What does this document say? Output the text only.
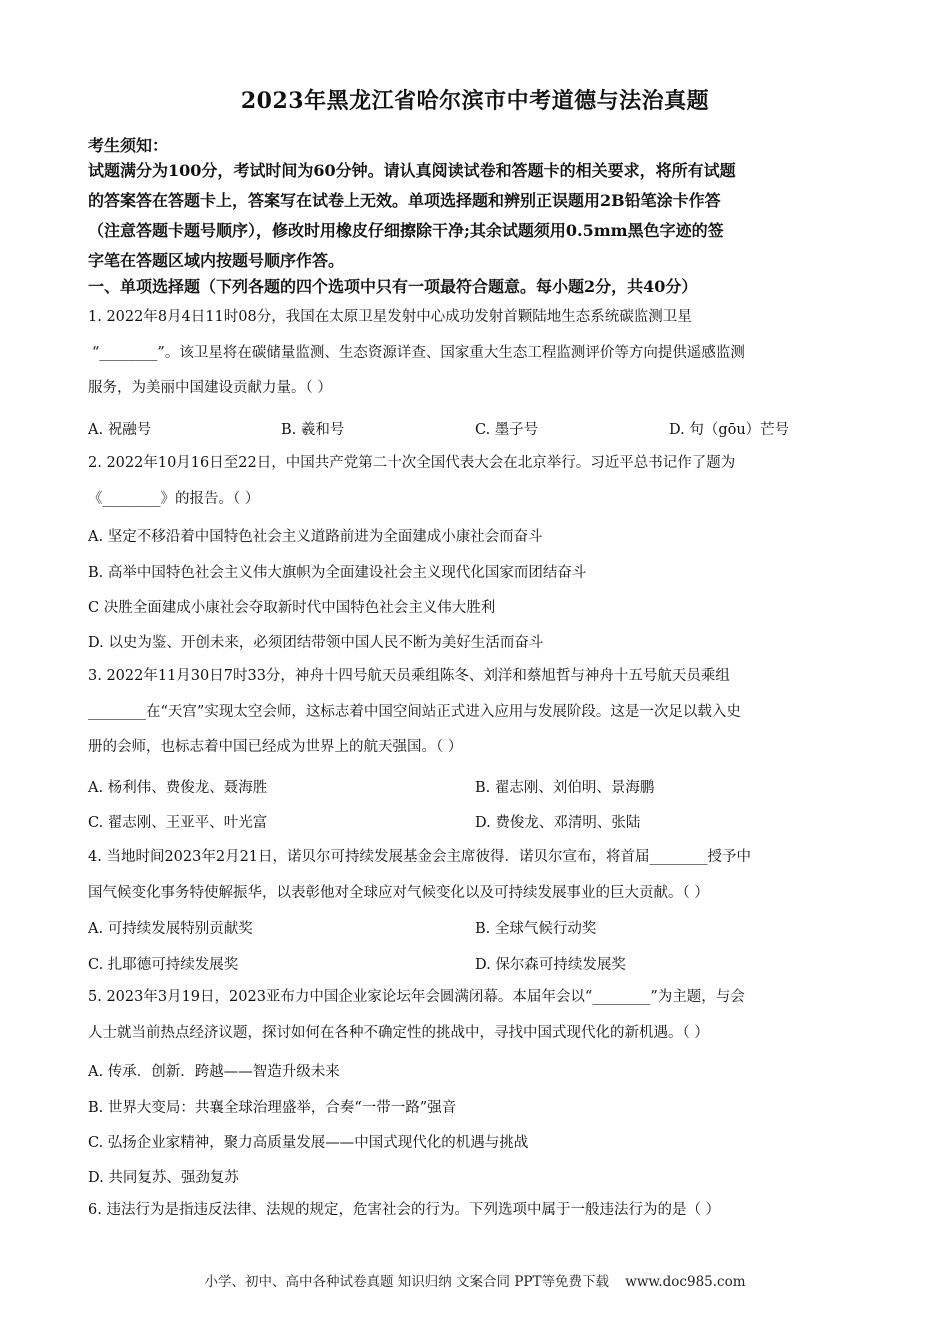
2023年黑龙江省哈尔滨市中考道德与法治真题
考生须知：
试题满分为100分，考试时间为60分钟。请认真阅读试卷和答题卡的相关要求，将所有试题
的答案答在答题卡上，答案写在试卷上无效。单项选择题和辨别正误题用2B铅笔涂卡作答
（注意答题卡题号顺序），修改时用橡皮仔细擦除干净;其余试题须用0.5mm黑色字迹的签
字笔在答题区域内按题号顺序作答。
一、单项选择题（下列各题的四个选项中只有一项最符合题意。每小题2分，共40分）
1. 2022年8月4日11时08分，我国在太原卫星发射中心成功发射首颗陆地生态系统碳监测卫星
“________”。该卫星将在碳储量监测、生态资源详查、国家重大生态工程监测评价等方向提供遥感监测
服务，为美丽中国建设贡献力量。（ ）
A. 祝融号	B. 羲和号	C. 墨子号	D. 句（gōu）芒号
2. 2022年10月16日至22日，中国共产党第二十次全国代表大会在北京举行。习近平总书记作了题为
《________》的报告。（ ）
A. 坚定不移沿着中国特色社会主义道路前进为全面建成小康社会而奋斗
B. 高举中国特色社会主义伟大旗帜为全面建设社会主义现代化国家而团结奋斗
C 决胜全面建成小康社会夺取新时代中国特色社会主义伟大胜利
D. 以史为鉴、开创未来，必须团结带领中国人民不断为美好生活而奋斗
3. 2022年11月30日7时33分，神舟十四号航天员乘组陈冬、刘洋和蔡旭哲与神舟十五号航天员乘组
________在“天宫”实现太空会师，这标志着中国空间站正式进入应用与发展阶段。这是一次足以载入史
册的会师，也标志着中国已经成为世界上的航天强国。（ ）
A. 杨利伟、费俊龙、聂海胜	B. 翟志刚、刘伯明、景海鹏
C. 翟志刚、王亚平、叶光富	D. 费俊龙、邓清明、张陆
4. 当地时间2023年2月21日，诺贝尔可持续发展基金会主席彼得．诺贝尔宣布，将首届________授予中
国气候变化事务特使解振华，以表彰他对全球应对气候变化以及可持续发展事业的巨大贡献。（ ）
A. 可持续发展特别贡献奖	B. 全球气候行动奖
C. 扎耶德可持续发展奖	D. 保尔森可持续发展奖
5. 2023年3月19日，2023亚布力中国企业家论坛年会圆满闭幕。本届年会以“________”为主题，与会
人士就当前热点经济议题，探讨如何在各种不确定性的挑战中，寻找中国式现代化的新机遇。（ ）
A. 传承．创新．跨越——智造升级未来
B. 世界大变局：共襄全球治理盛举，合奏“一带一路”强音
C. 弘扬企业家精神，聚力高质量发展——中国式现代化的机遇与挑战
D. 共同复苏、强劲复苏
6. 违法行为是指违反法律、法规的规定，危害社会的行为。下列选项中属于一般违法行为的是（ ）
小学、初中、高中各种试卷真题 知识归纳 文案合同 PPT等免费下载 www.doc985.com
